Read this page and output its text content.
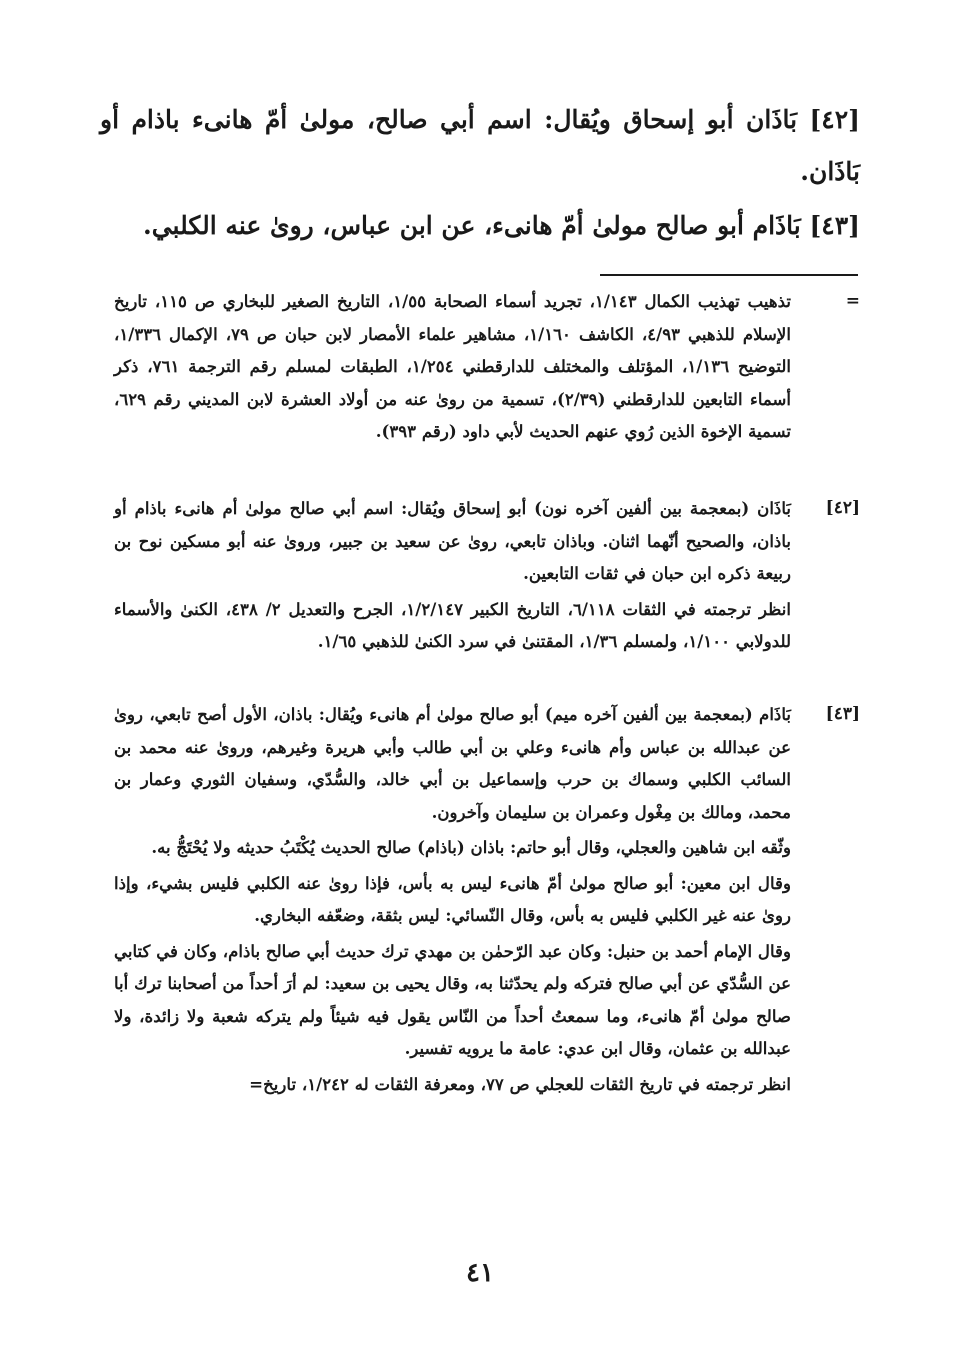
[٤٢] بَاذَان أبو إسحاق ويُقال: اسم أبي صالح، مولىٰ أمّ هانىء باذام أو بَاذَان.
[٤٣] بَاذَام أبو صالح مولىٰ أمّ هانىء، عن ابن عباس، روىٰ عنه الكلبي.
=

تذهيب تهذيب الكمال ١/١٤٣، تجريد أسماء الصحابة ١/٥٥، التاريخ الصغير للبخاري ص ١١٥، تاريخ الإسلام للذهبي ٤/٩٣، الكاشف ١/١٦٠، مشاهير علماء الأمصار لابن حبان ص ٧٩، الإكمال ١/٣٣٦، التوضيح ١/١٣٦، المؤتلف والمختلف للدارقطني ١/٢٥٤، الطبقات لمسلم رقم الترجمة ٧٦١، ذكر أسماء التابعين للدارقطني (٢/٣٩)، تسمية من روىٰ عنه من أولاد العشرة لابن المديني رقم ٦٢٩، تسمية الإخوة الذين رُوي عنهم الحديث لأبي داود (رقم ٣٩٣).

[٤٢]

بَاذَان (بمعجمة بين ألفين آخره نون) أبو إسحاق ويُقال: اسم أبي صالح مولىٰ أم هانىء باذام أو باذان، والصحيح أنّهما اثنان. وباذان تابعي، روىٰ عن سعيد بن جبير، وروىٰ عنه أبو مسكين نوح بن ربيعة ذكره ابن حبان في ثقات التابعين.

انظر ترجمته في الثقات ٦/١١٨، التاريخ الكبير ١/٢/١٤٧، الجرح والتعديل ٢/ ٤٣٨، الكنىٰ والأسماء للدولابي ١/١٠٠، ولمسلم ١/٣٦، المقتنىٰ في سرد الكنىٰ للذهبي ١/٦٥.

[٤٣]

بَاذَام (بمعجمة بين ألفين آخره ميم) أبو صالح مولىٰ أم هانىء ويُقال: باذان، الأول أصح تابعي، روىٰ عن عبدالله بن عباس وأم هانىء وعلي بن أبي طالب وأبي هريرة وغيرهم، وروىٰ عنه محمد بن السائب الكلبي وسماك بن حرب وإسماعيل بن أبي خالد، والسُّدّي، وسفيان الثوري وعمار بن محمد، ومالك بن مِغْول وعمران بن سليمان وآخرون.

وثّقه ابن شاهين والعجلي، وقال أبو حاتم: باذان (باذام) صالح الحديث يُكْتَبُ حديثه ولا يُحْتَجُّ به.

وقال ابن معين: أبو صالح مولىٰ أمّ هانىء ليس به بأس، فإذا روىٰ عنه الكلبي فليس بشيء، وإذا روىٰ عنه غير الكلبي فليس به بأس، وقال النّسائي: ليس بثقة، وضعّفه البخاري.

وقال الإمام أحمد بن حنبل: وكان عبد الرّحمٰن بن مهدي ترك حديث أبي صالح باذام، وكان في كتابي عن السُّدّي عن أبي صالح فتركه ولم يحدّثنا به، وقال يحيى بن سعيد: لم أرَ أحداً من أصحابنا ترك أبا صالح مولىٰ أمّ هانىء، وما سمعتُ أحداً من النّاس يقول فيه شيئاً ولم يتركه شعبة ولا زائدة، ولا عبدالله بن عثمان، وقال ابن عدي: عامة ما يرويه تفسير.

انظر ترجمته في تاريخ الثقات للعجلي ص ٧٧، ومعرفة الثقات له ١/٢٤٢، تاريخ=

٤١
